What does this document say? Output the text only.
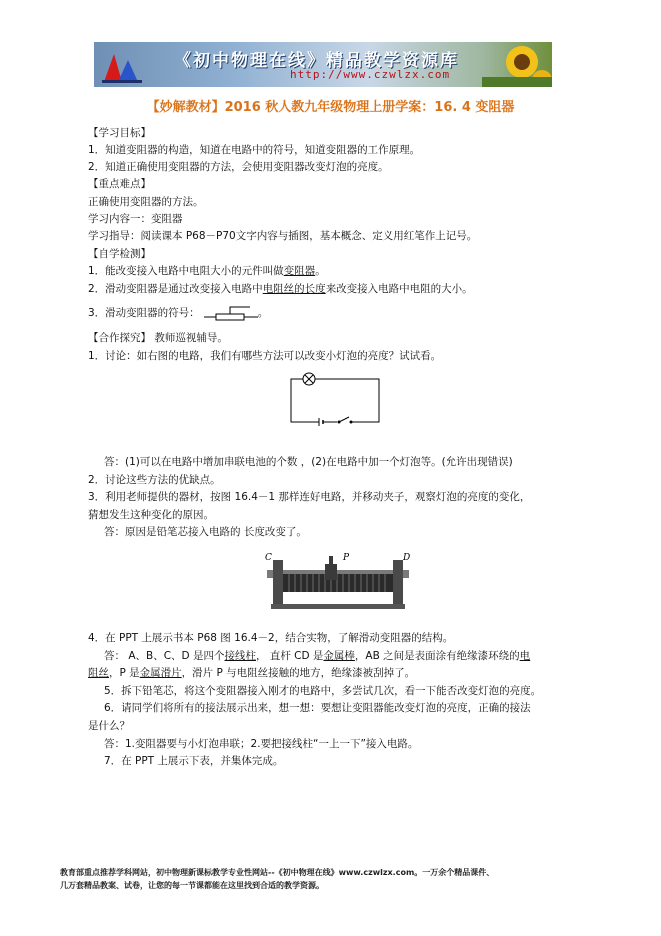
《初中物理在线》精品教学资源库
http://www.czwlzx.com
【妙解教材】2016 秋人教九年级物理上册学案：16. 4 变阻器
【学习目标】
1．知道变阻器的构造，知道在电路中的符号，知道变阻器的工作原理。
2．知道正确使用变阻器的方法，会使用变阻器改变灯泡的亮度。
【重点难点】
正确使用变阻器的方法。
学习内容一：变阻器
学习指导：阅读课本 P68－P70文字内容与插图，基本概念、定义用红笔作上记号。
【自学检测】
1．能改变接入电路中电阻大小的元件叫做变阻器。
2．滑动变阻器是通过改变接入电路中电阻丝的长度来改变接入电路中电阻的大小。
3．滑动变阻器的符号：	。
【合作探究】 教师巡视辅导。
1．讨论：如右图的电路，我们有哪些方法可以改变小灯泡的亮度？试试看。
答：(1)可以在电路中增加串联电池的个数 ，(2)在电路中加一个灯泡等。(允许出现错误)
2．讨论这些方法的优缺点。
3．利用老师提供的器材，按图 16.4－1 那样连好电路，并移动夹子，观察灯泡的亮度的变化，
猜想发生这种变化的原因。
答：原因是铅笔芯接入电路的 长度改变了。
C	P	D
A	B
4．在 PPT 上展示书本 P68 图 16.4－2，结合实物，了解滑动变阻器的结构。
答： A、B、C、D 是四个接线柱， 直杆 CD 是金属棒，AB 之间是表面涂有绝缘漆环绕的电
阻丝，P 是金属滑片，滑片 P 与电阻丝接触的地方，绝缘漆被刮掉了。
5．拆下铅笔芯，将这个变阻器接入刚才的电路中，多尝试几次，看一下能否改变灯泡的亮度。
6．请同学们将所有的接法展示出来，想一想：要想让变阻器能改变灯泡的亮度，正确的接法
是什么？
答：1.变阻器要与小灯泡串联；2.要把接线柱“一上一下”接入电路。
7．在 PPT 上展示下表，并集体完成。
教育部重点推荐学科网站，初中物理新课标教学专业性网站--《初中物理在线》www.czwlzx.com。一万余个精品课件、
几万套精品教案、试卷，让您的每一节课都能在这里找到合适的教学资源。
